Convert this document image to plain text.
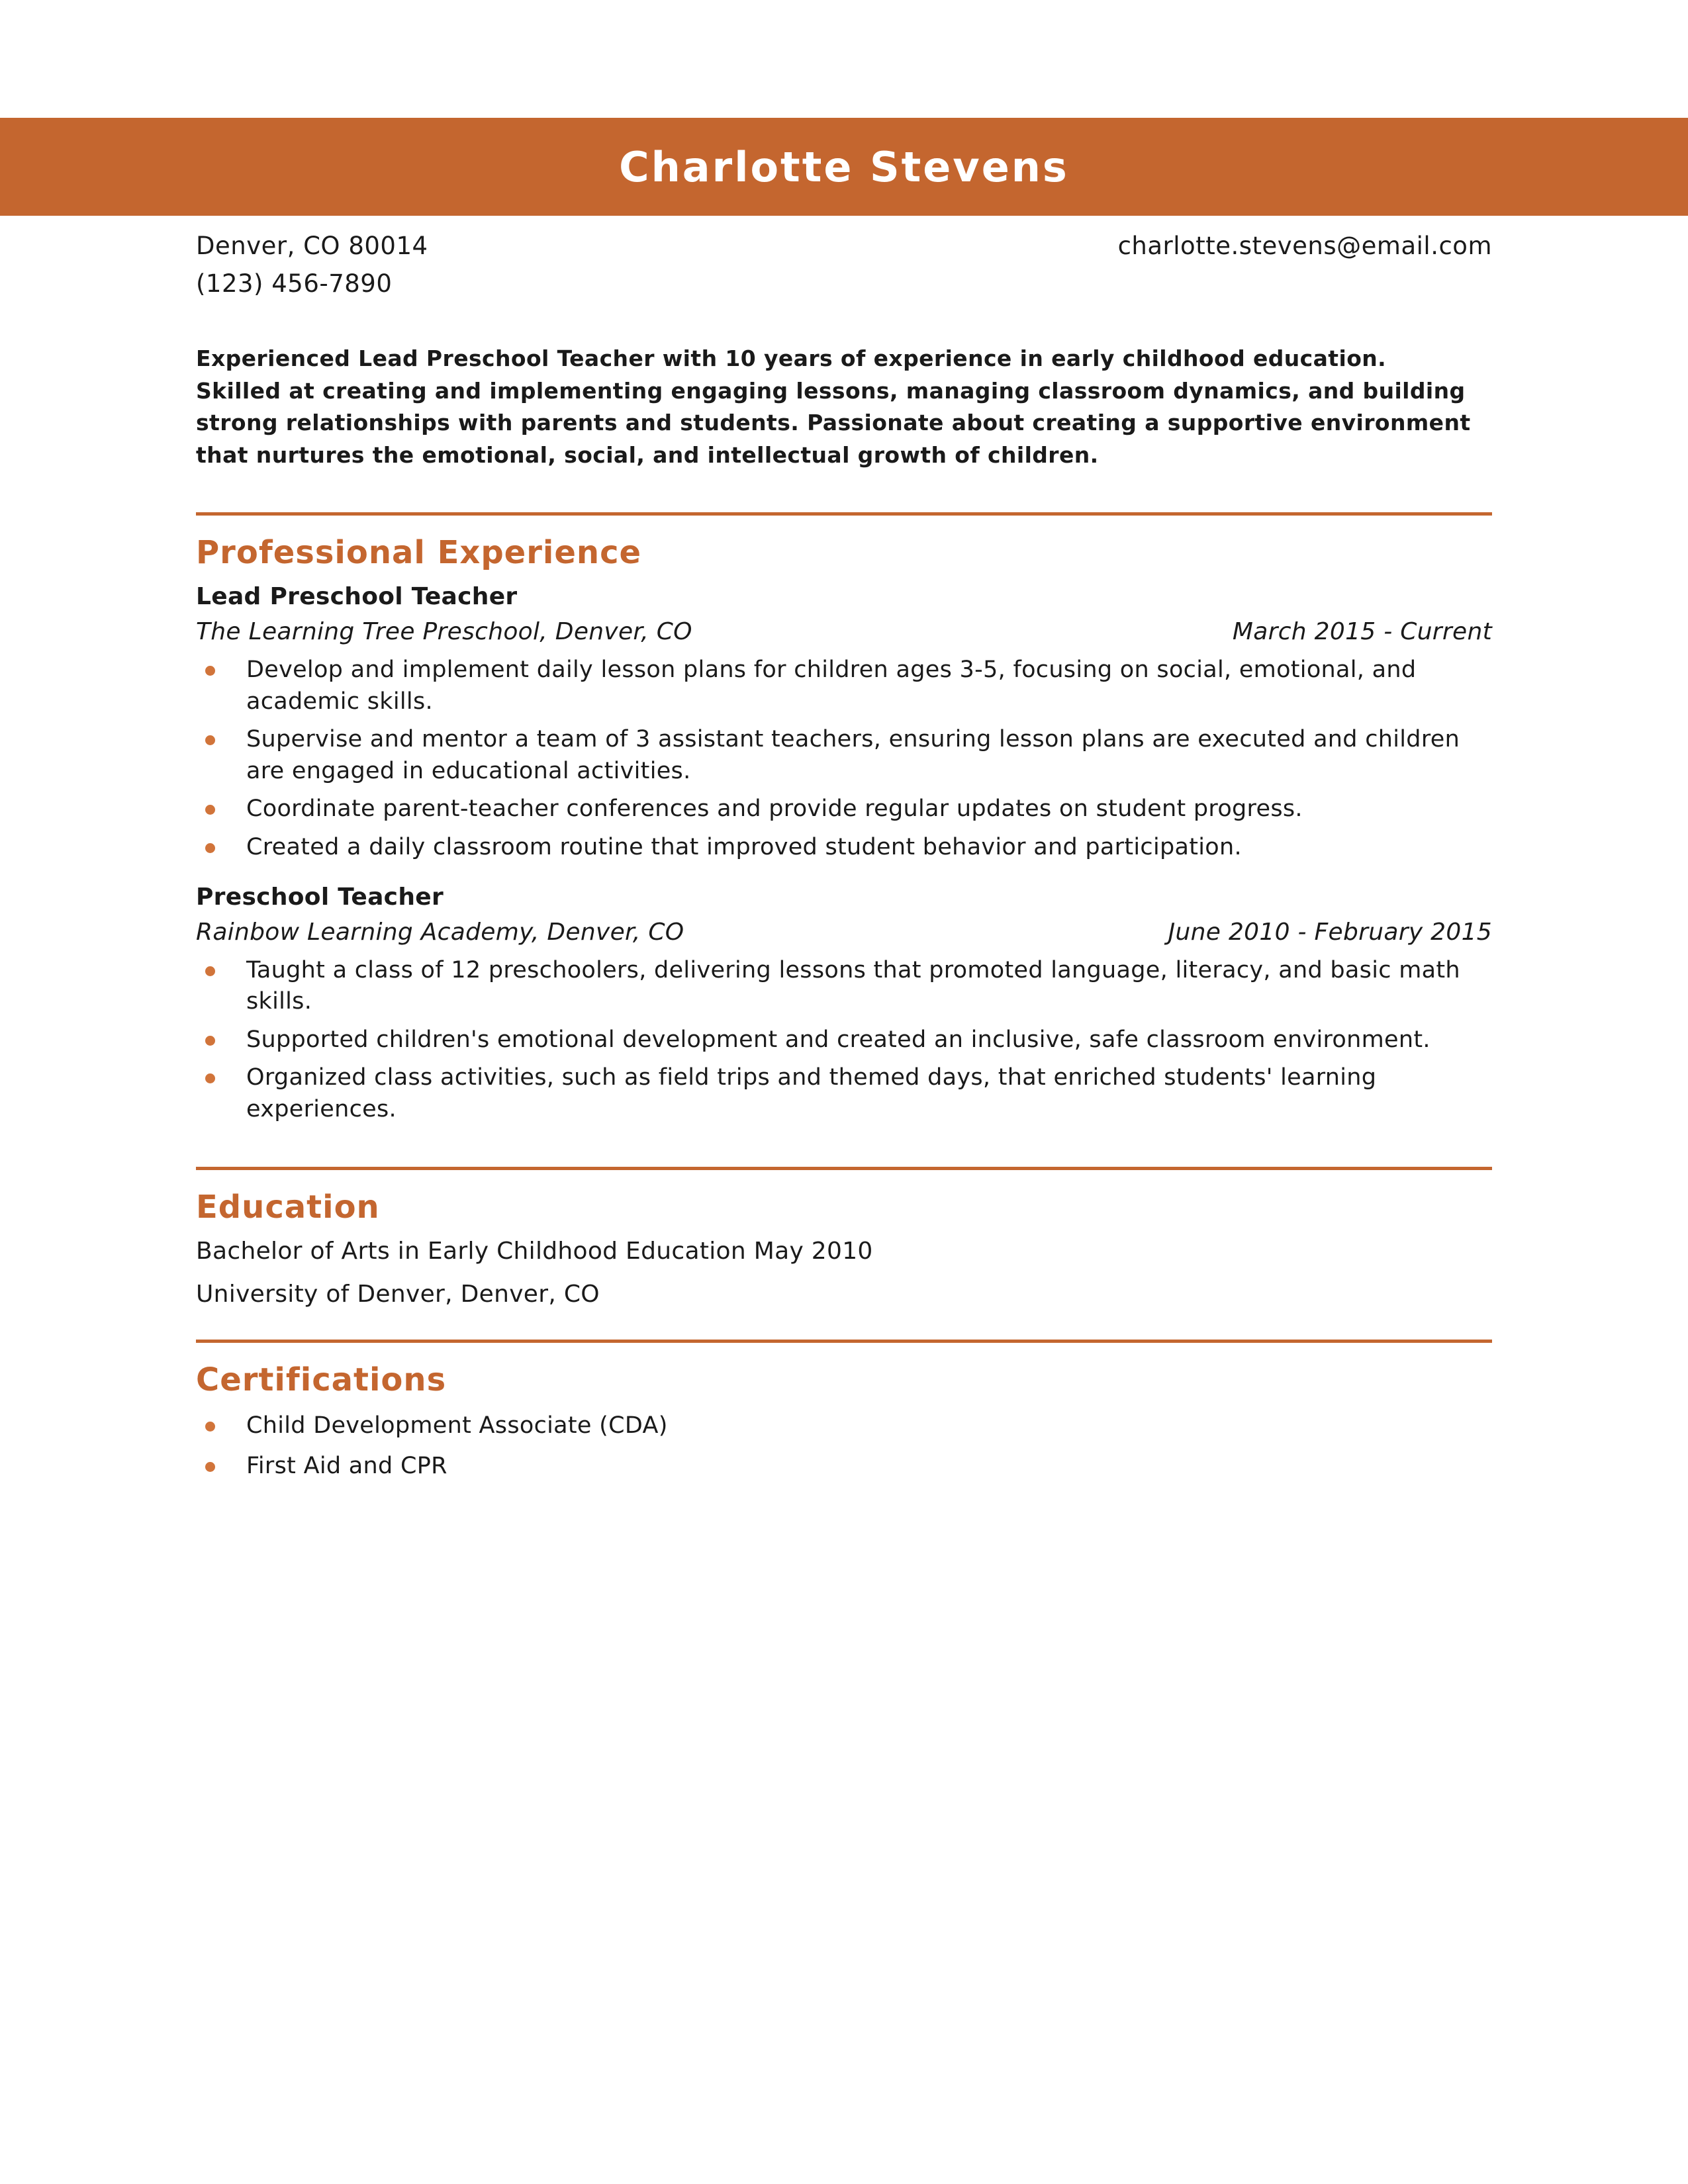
Charlotte Stevens
Denver, CO 80014	charlotte.stevens@email.com
(123) 456-7890
Experienced Lead Preschool Teacher with 10 years of experience in early childhood education. Skilled at creating and implementing engaging lessons, managing classroom dynamics, and building strong relationships with parents and students. Passionate about creating a supportive environment that nurtures the emotional, social, and intellectual growth of children.
Professional Experience
Lead Preschool Teacher
The Learning Tree Preschool, Denver, CO	March 2015 - Current
Develop and implement daily lesson plans for children ages 3-5, focusing on social, emotional, and academic skills.
Supervise and mentor a team of 3 assistant teachers, ensuring lesson plans are executed and children are engaged in educational activities.
Coordinate parent-teacher conferences and provide regular updates on student progress.
Created a daily classroom routine that improved student behavior and participation.
Preschool Teacher
Rainbow Learning Academy, Denver, CO	June 2010 - February 2015
Taught a class of 12 preschoolers, delivering lessons that promoted language, literacy, and basic math skills.
Supported children's emotional development and created an inclusive, safe classroom environment.
Organized class activities, such as field trips and themed days, that enriched students' learning experiences.
Education
Bachelor of Arts in Early Childhood Education May 2010
University of Denver, Denver, CO
Certifications
Child Development Associate (CDA)
First Aid and CPR
